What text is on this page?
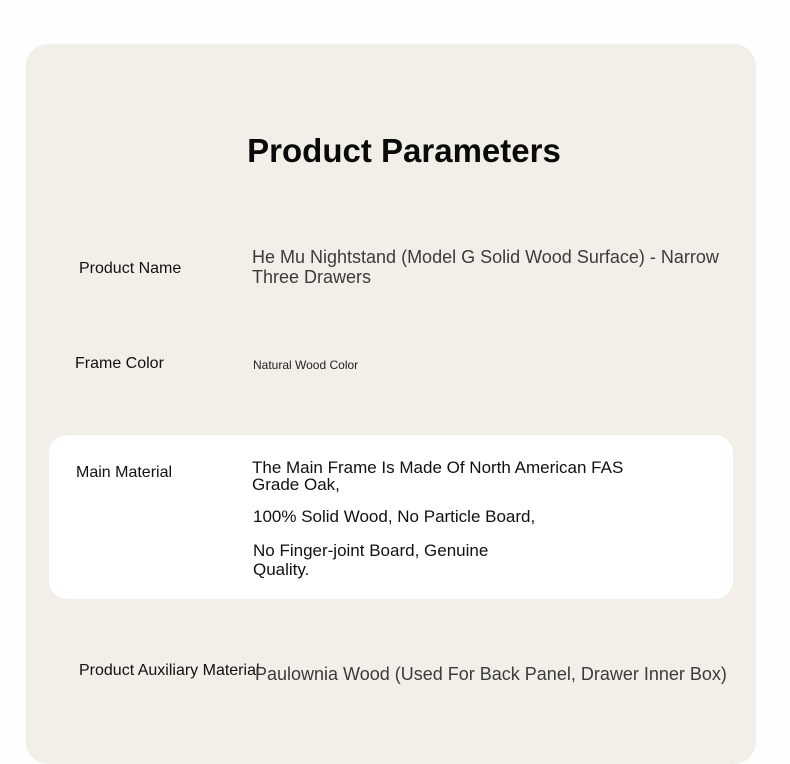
Product Parameters
Product Name
He Mu Nightstand (Model G Solid Wood Surface) - Narrow Three Drawers
Frame Color	Natural Wood Color
Main Material	The Main Frame Is Made Of North American FAS Grade Oak,
100% Solid Wood, No Particle Board,
No Finger-joint Board, Genuine Quality.
Product Auxiliary Material
Paulownia Wood (Used For Back Panel, Drawer Inner Box)
